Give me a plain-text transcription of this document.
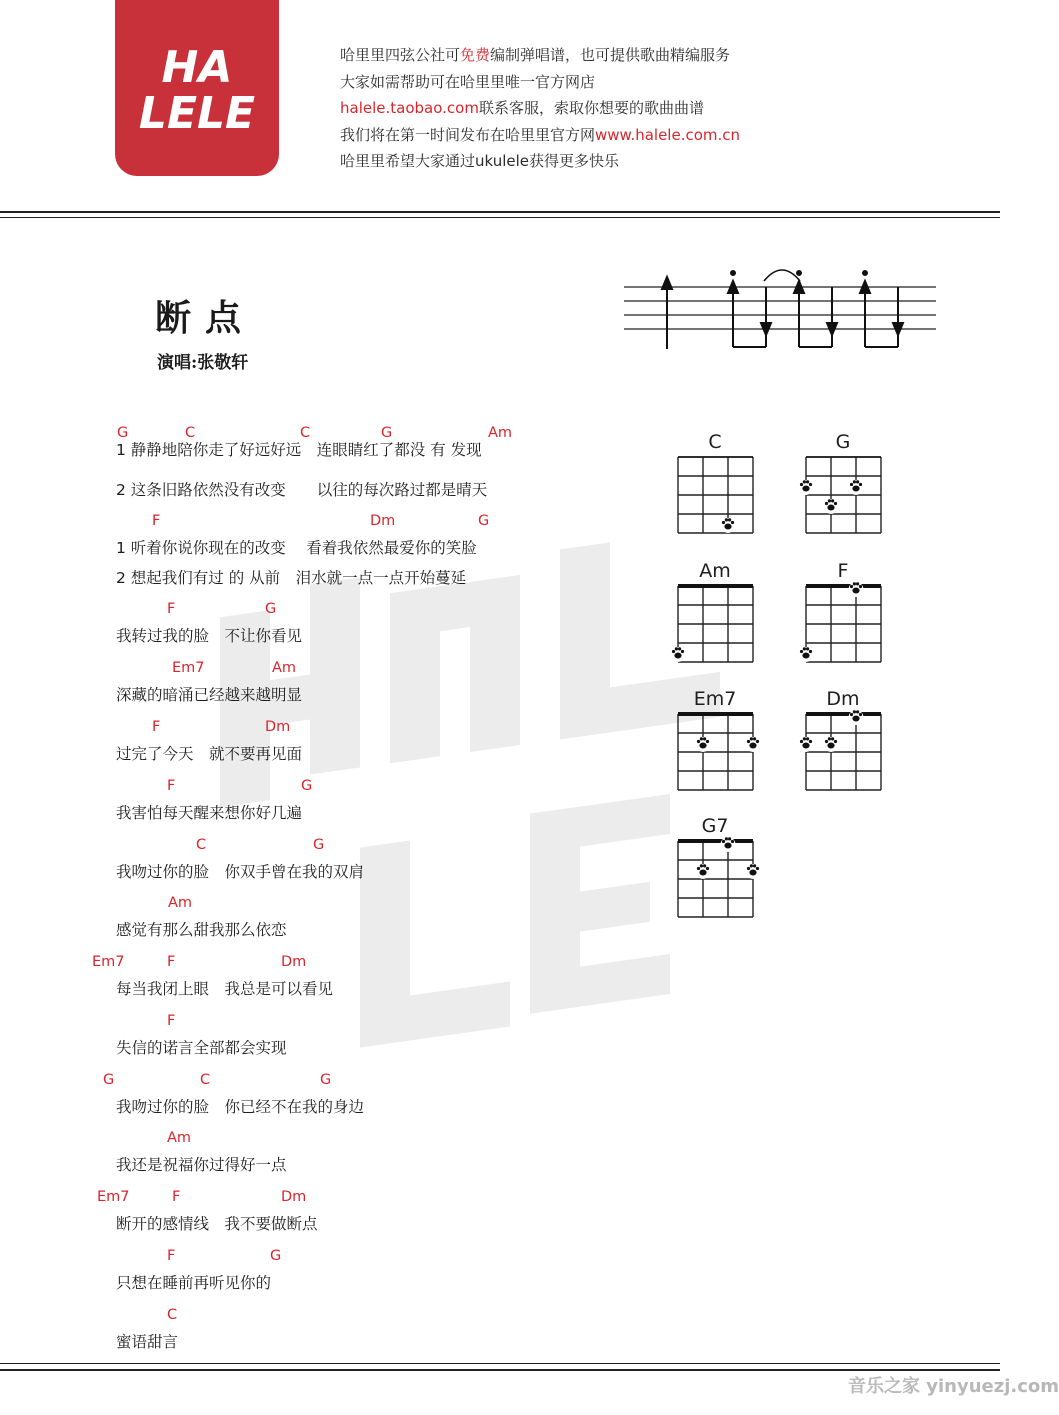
HA
LELE
哈里里四弦公社可免费编制弹唱谱，也可提供歌曲精编服务
大家如需帮助可在哈里里唯一官方网店
halele.taobao.com联系客服，索取你想要的歌曲曲谱
我们将在第一时间发布在哈里里官方网www.halele.com.cn
哈里里希望大家通过ukulele获得更多快乐
断点
演唱:张敬轩
1 静静地陪你走了好远好远　连眼睛红了都没 有 发现
2 这条旧路依然没有改变　　以往的每次路过都是晴天
1 听着你说你现在的改变　 看着我依然最爱你的笑脸
2 想起我们有过 的 从前　泪水就一点一点开始蔓延
我转过我的脸　不让你看见
深藏的暗涌已经越来越明显
过完了今天　就不要再见面
我害怕每天醒来想你好几遍
我吻过你的脸　你双手曾在我的双肩
感觉有那么甜我那么依恋
每当我闭上眼　我总是可以看见
失信的诺言全部都会实现
我吻过你的脸　你已经不在我的身边
我还是祝福你过得好一点
断开的感情线　我不要做断点
只想在睡前再听见你的
蜜语甜言
G	C	C	G	Am
F	Dm	G
F	G
Em7	Am
F	Dm
F	G
C	G
Am
Em7	F	Dm
F
G	C	G
Am
Em7	F	Dm
F	G
C
C	G
Am	F
Em7	Dm
G7
音乐之家 yinyuezj.com
